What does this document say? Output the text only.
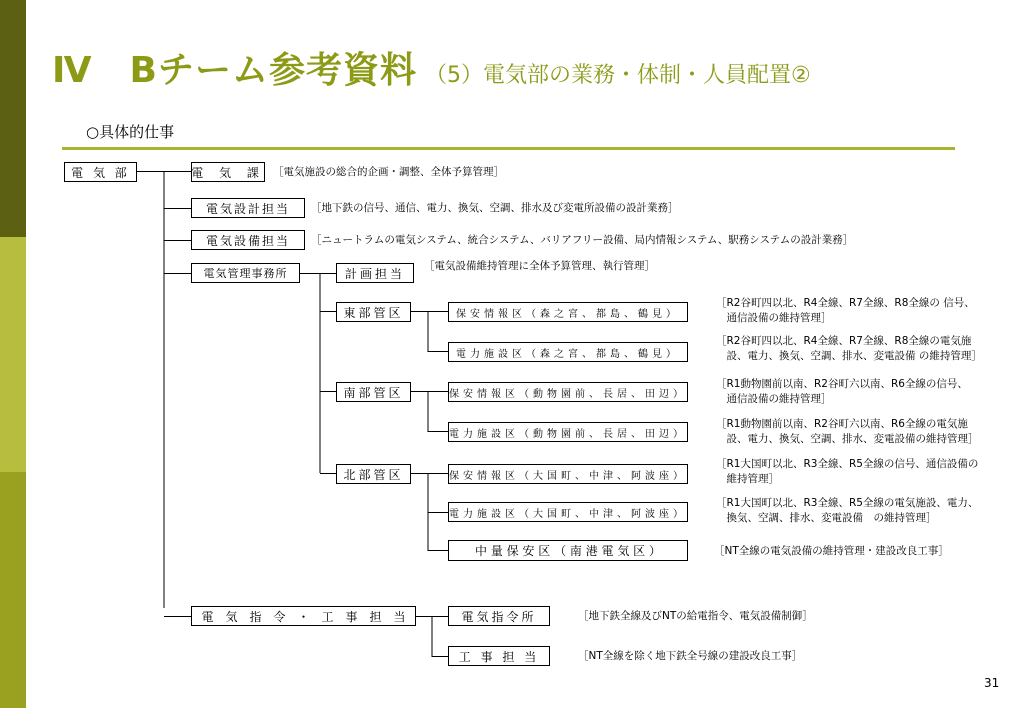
Ⅳ　Bチーム参考資料 （5）電気部の業務・体制・人員配置②
○具体的仕事
電 気 部	電 気 課 ［電気施設の総合的企画・調整、全体予算管理］
電気設計担当	［地下鉄の信号、通信、電力、換気、空調、排水及び変電所設備の設計業務］
電気設備担当	［ニュートラムの電気システム、統合システム、バリアフリー設備、局内情報システム、駅務システムの設計業務］
電気管理事務所
電　気　指　令　・　工　事　担　当
計画担当
［電気設備維持管理に全体予算管理、執行管理］
東部管区
南部管区
北部管区
保安情報区（森之宮、都島、鶴見）
［R2谷町四以北、R4全線、R7全線、R8全線の 信号、
　通信設備の維持管理］
電力施設区（森之宮、都島、鶴見）
［R2谷町四以北、R4全線、R7全線、R8全線の電気施
　設、電力、換気、空調、排水、変電設備 の維持管理］
保安情報区（動物園前、長居、田辺）
［R1動物園前以南、R2谷町六以南、R6全線の信号、
　通信設備の維持管理］
電力施設区（動物園前、長居、田辺）
［R1動物園前以南、R2谷町六以南、R6全線の電気施
　設、電力、換気、空調、排水、変電設備の維持管理］
保安情報区（大国町、中津、阿波座）
［R1大国町以北、R3全線、R5全線の信号、通信設備の
　維持管理］
電力施設区（大国町、中津、阿波座）
［R1大国町以北、R3全線、R5全線の電気施設、電力、
　換気、空調、排水、変電設備　の維持管理］
中 量 保 安 区 （ 南 港 電 気 区 ）	［NT全線の電気設備の維持管理・建設改良工事］
電気指令所	［地下鉄全線及びNTの給電指令、電気設備制御］
工 事 担 当	［NT全線を除く地下鉄全号線の建設改良工事］
31
